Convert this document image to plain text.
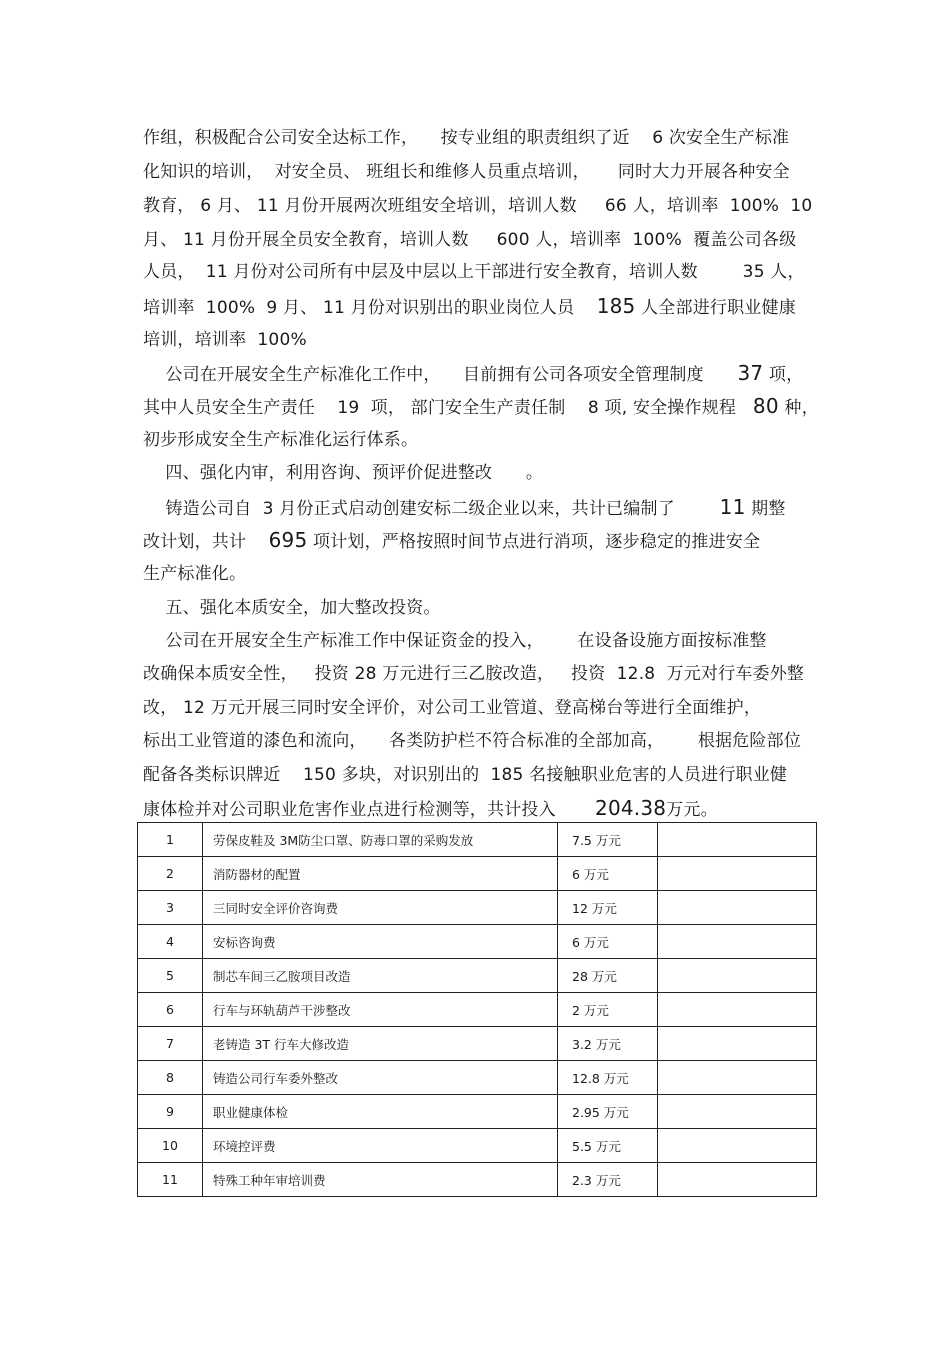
作组，积极配合公司安全达标工作，    按专业组的职责组织了近    6 次安全生产标准
化知识的培训，  对安全员、 班组长和维修人员重点培训，     同时大力开展各种安全
教育， 6 月、 11 月份开展两次班组安全培训，培训人数     66 人，培训率  100%  10
月、 11 月份开展全员安全教育，培训人数     600 人，培训率  100%  覆盖公司各级
人员，  11 月份对公司所有中层及中层以上干部进行安全教育，培训人数        35 人，
培训率  100%  9 月、 11 月份对识别出的职业岗位人员    185 人全部进行职业健康
培训，培训率  100%
公司在开展安全生产标准化工作中，    目前拥有公司各项安全管理制度      37 项，
其中人员安全生产责任    19  项， 部门安全生产责任制    8 项, 安全操作规程   80 种，
初步形成安全生产标准化运行体系。
四、强化内审，利用咨询、预评价促进整改      。
铸造公司自  3 月份正式启动创建安标二级企业以来，共计已编制了        11 期整
改计划，共计    695 项计划，严格按照时间节点进行消项，逐步稳定的推进安全
生产标准化。
五、强化本质安全，加大整改投资。
公司在开展安全生产标准工作中保证资金的投入，      在设备设施方面按标准整
改确保本质安全性，   投资 28 万元进行三乙胺改造，   投资  12.8  万元对行车委外整
改， 12 万元开展三同时安全评价，对公司工业管道、登高梯台等进行全面维护，
标出工业管道的漆色和流向，    各类防护栏不符合标准的全部加高，      根据危险部位
配备各类标识牌近    150 多块，对识别出的  185 名接触职业危害的人员进行职业健
康体检并对公司职业危害作业点进行检测等，共计投入       204.38万元。
1	劳保皮鞋及 3M防尘口罩、防毒口罩的采购发放	7.5 万元	
2	消防器材的配置	6 万元	
3	三同时安全评价咨询费	12 万元	
4	安标咨询费	6 万元	
5	制芯车间三乙胺项目改造	28 万元	
6	行车与环轨葫芦干涉整改	2 万元	
7	老铸造 3T 行车大修改造	3.2 万元	
8	铸造公司行车委外整改	12.8 万元	
9	职业健康体检	2.95 万元	
10	环境控评费	5.5 万元	
11	特殊工种年审培训费	2.3 万元	
